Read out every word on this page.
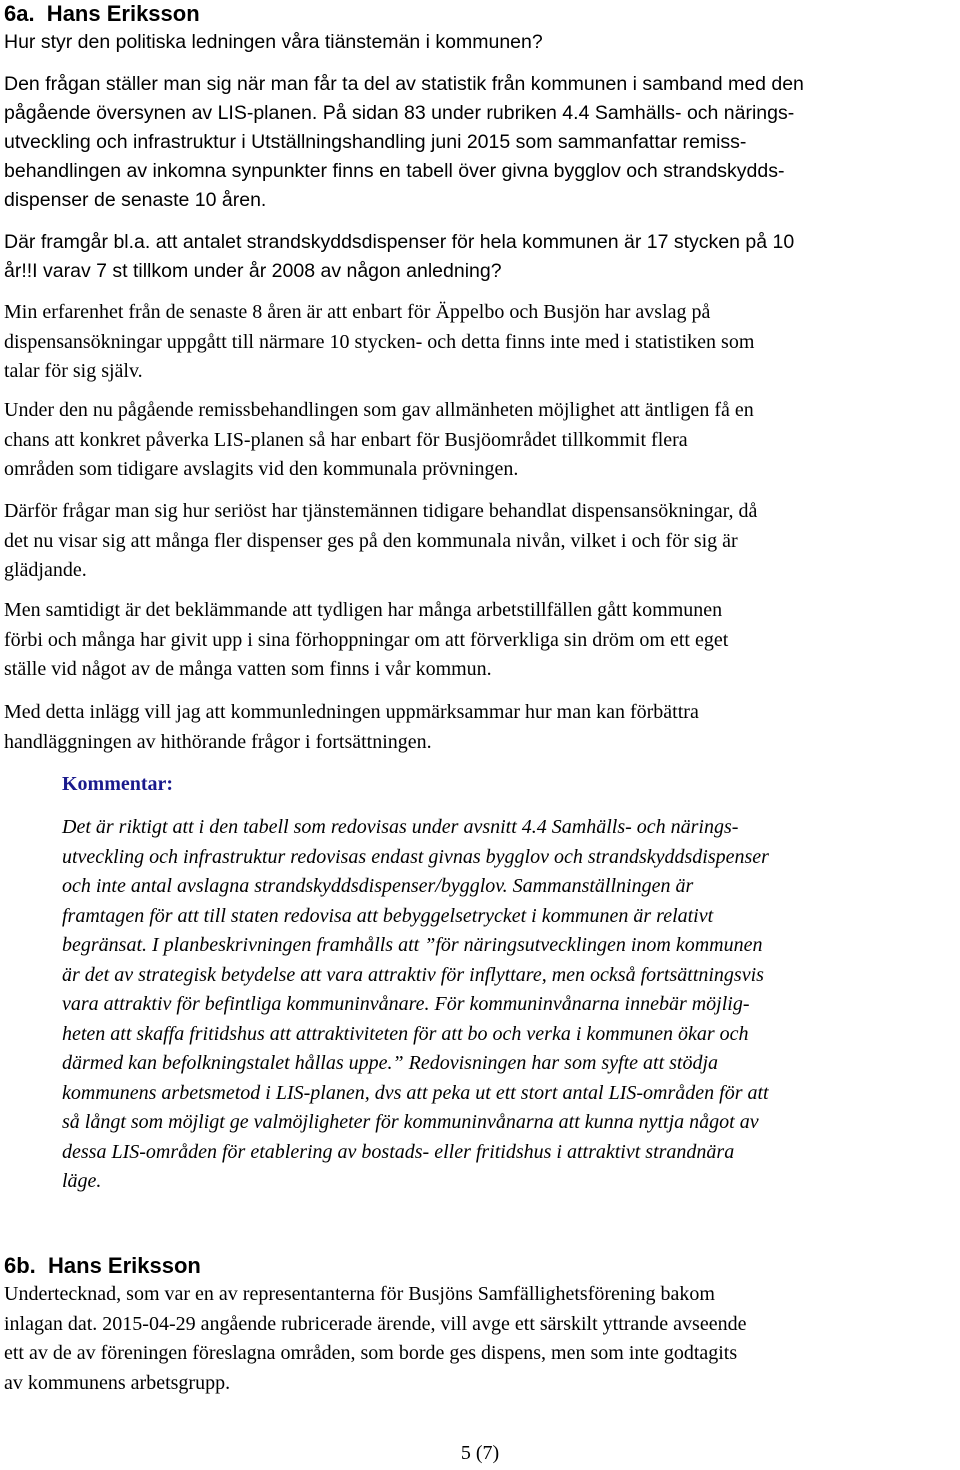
6a.  Hans Eriksson
Hur styr den politiska ledningen våra tiänstemän i kommunen?
Den frågan ställer man sig när man får ta del av statistik från kommunen i samband med den
pågående översynen av LIS-planen. På sidan 83 under rubriken 4.4 Samhälls- och närings-
utveckling och infrastruktur i Utställningshandling juni 2015 som sammanfattar remiss-
behandlingen av inkomna synpunkter finns en tabell över givna bygglov och strandskydds-
dispenser de senaste 10 åren.
Där framgår bl.a. att antalet strandskyddsdispenser för hela kommunen är 17 stycken på 10
år!!I varav 7 st tillkom under år 2008 av någon anledning?
Min erfarenhet från de senaste 8 åren är att enbart för Äppelbo och Busjön har avslag på
dispensansökningar uppgått till närmare 10 stycken- och detta finns inte med i statistiken som
talar för sig själv.
Under den nu pågående remissbehandlingen som gav allmänheten möjlighet att äntligen få en
chans att konkret påverka LIS-planen så har enbart för Busjöområdet tillkommit flera
områden som tidigare avslagits vid den kommunala prövningen.
Därför frågar man sig hur seriöst har tjänstemännen tidigare behandlat dispensansökningar, då
det nu visar sig att många fler dispenser ges på den kommunala nivån, vilket i och för sig är
glädjande.
Men samtidigt är det beklämmande att tydligen har många arbetstillfällen gått kommunen
förbi och många har givit upp i sina förhoppningar om att förverkliga sin dröm om ett eget
ställe vid något av de många vatten som finns i vår kommun.
Med detta inlägg vill jag att kommunledningen uppmärksammar hur man kan förbättra
handläggningen av hithörande frågor i fortsättningen.
Kommentar:
Det är riktigt att i den tabell som redovisas under avsnitt 4.4 Samhälls- och närings-
utveckling och infrastruktur redovisas endast givnas bygglov och strandskyddsdispenser
och inte antal avslagna strandskyddsdispenser/bygglov. Sammanställningen är
framtagen för att till staten redovisa att bebyggelsetrycket i kommunen är relativt
begränsat. I planbeskrivningen framhålls att ”för näringsutvecklingen inom kommunen
är det av strategisk betydelse att vara attraktiv för inflyttare, men också fortsättningsvis
vara attraktiv för befintliga kommuninvånare. För kommuninvånarna innebär möjlig-
heten att skaffa fritidshus att attraktiviteten för att bo och verka i kommunen ökar och
därmed kan befolkningstalet hållas uppe.” Redovisningen har som syfte att stödja
kommunens arbetsmetod i LIS-planen, dvs att peka ut ett stort antal LIS-områden för att
så långt som möjligt ge valmöjligheter för kommuninvånarna att kunna nyttja något av
dessa LIS-områden för etablering av bostads- eller fritidshus i attraktivt strandnära
läge.
6b.  Hans Eriksson
Undertecknad, som var en av representanterna för Busjöns Samfällighetsförening bakom
inlagan dat. 2015-04-29 angående rubricerade ärende, vill avge ett särskilt yttrande avseende
ett av de av föreningen föreslagna områden, som borde ges dispens, men som inte godtagits
av kommunens arbetsgrupp.
5 (7)
